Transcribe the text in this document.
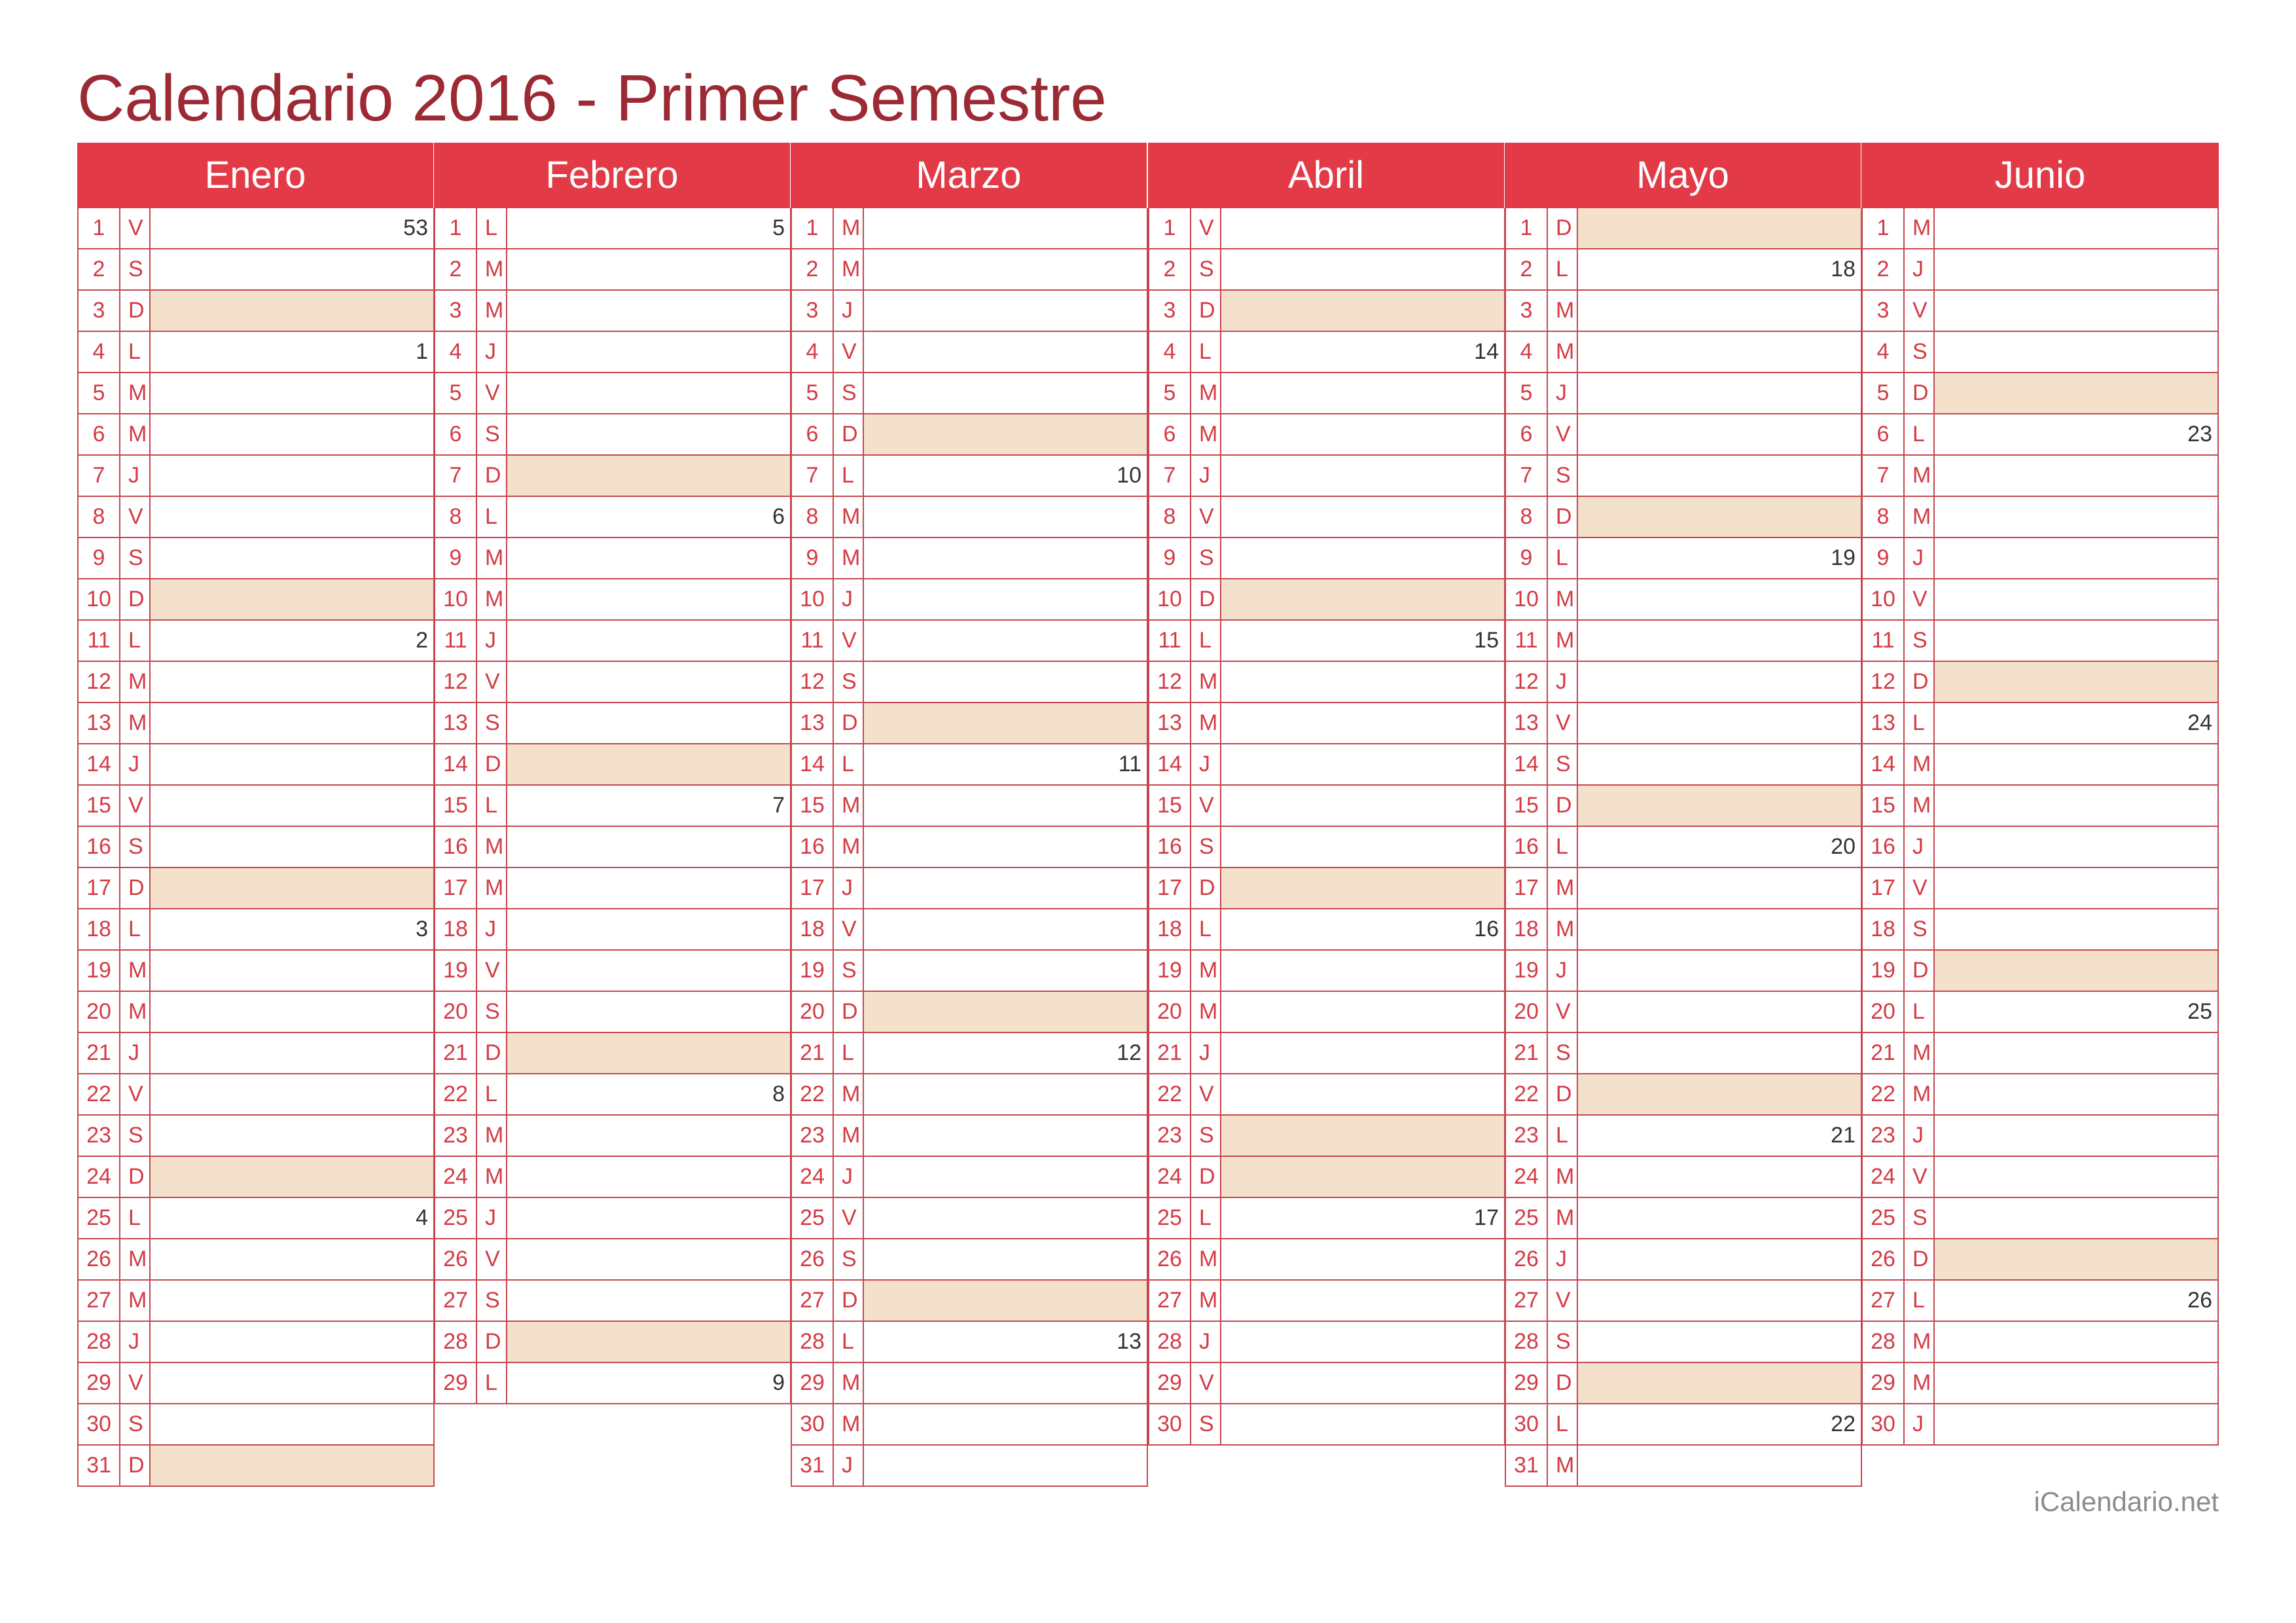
Calendario 2016 - Primer Semestre
Enero
1	V	53
2	S
3	D
4	L	1
5	M
6	M
7	J
8	V
9	S
10 D
11 L	2
12 M
13 M
14 J
15 V
16 S
17 D
18 L	3
19 M
20 M
21 J
22 V
23 S
24 D
25 L	4
26 M
27 M
28 J
29 V
30 S
31 D
Febrero
1	L	5
2	M
3	M
4	J
5	V
6	S
7	D
8	L	6
9	M
10 M
11 J
12 V
13 S
14 D
15 L	7
16 M
17 M
18 J
19 V
20 S
21 D
22 L	8
23 M
24 M
25 J
26 V
27 S
28 D
29 L	9
Marzo
1	M
2	M
3	J
4	V
5	S
6	D
7	L	10
8	M
9	M
10 J
11 V
12 S
13 D
14 L	11
15 M
16 M
17 J
18 V
19 S
20 D
21 L	12
22 M
23 M
24 J
25 V
26 S
27 D
28 L	13
29 M
30 M
31 J
Abril
1	V
2	S
3	D
4	L	14
5	M
6	M
7	J
8	V
9	S
10 D
11 L	15
12 M
13 M
14 J
15 V
16 S
17 D
18 L	16
19 M
20 M
21 J
22 V
23 S
24 D
25 L	17
26 M
27 M
28 J
29 V
30 S
Mayo
1	D
2	L	18
3	M
4	M
5	J
6	V
7	S
8	D
9	L	19
10 M
11 M
12 J
13 V
14 S
15 D
16 L	20
17 M
18 M
19 J
20 V
21 S
22 D
23 L	21
24 M
25 M
26 J
27 V
28 S
29 D
30 L	22
31 M
Junio
1	M
2	J
3	V
4	S
5	D
6	L	23
7	M
8	M
9	J
10 V
11 S
12 D
13 L	24
14 M
15 M
16 J
17 V
18 S
19 D
20 L	25
21 M
22 M
23 J
24 V
25 S
26 D
27 L	26
28 M
29 M
30 J
iCalendario.net
